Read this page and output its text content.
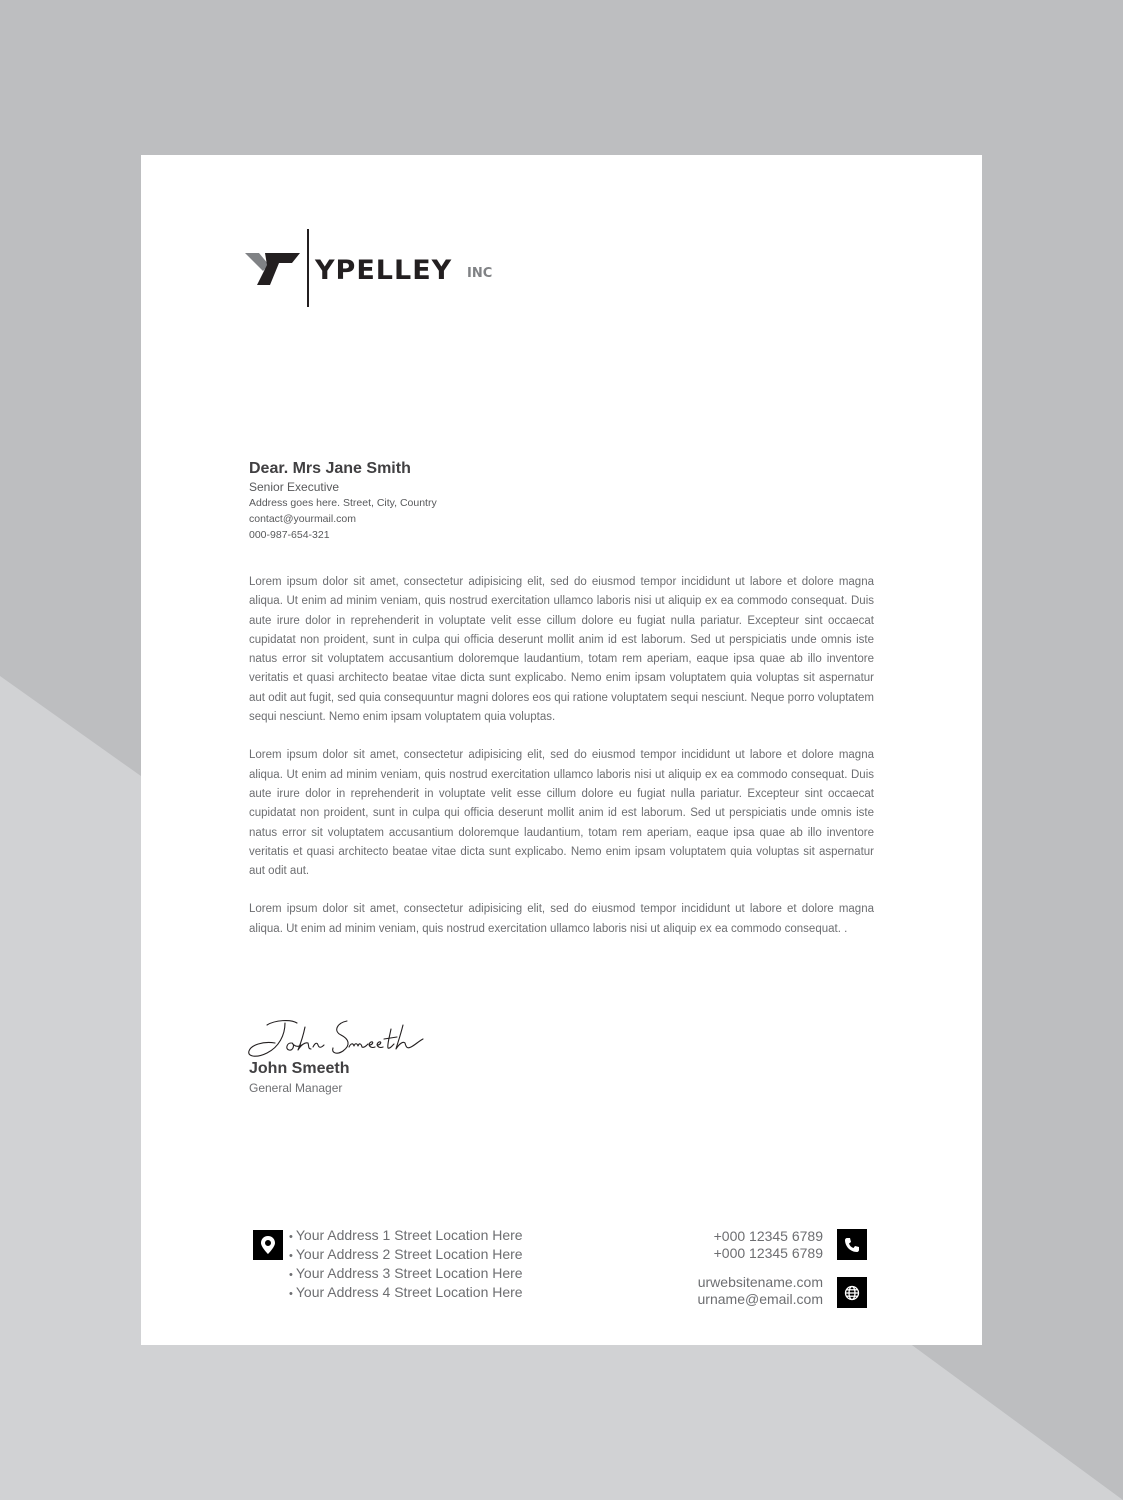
YPELLEY INC
Dear. Mrs Jane Smith
Senior Executive
Address goes here. Street, City, Country
contact@yourmail.com
000-987-654-321

Lorem ipsum dolor sit amet, consectetur adipisicing elit, sed do eiusmod tempor incididunt ut labore et dolore magna aliqua. Ut enim ad minim veniam, quis nostrud exercitation ullamco laboris nisi ut aliquip ex ea commodo consequat. Duis aute irure dolor in reprehenderit in voluptate velit esse cillum dolore eu fugiat nulla pariatur. Excepteur sint occaecat cupidatat non proident, sunt in culpa qui officia deserunt mollit anim id est laborum. Sed ut perspiciatis unde omnis iste natus error sit voluptatem accusantium doloremque laudantium, totam rem aperiam, eaque ipsa quae ab illo inventore veritatis et quasi architecto beatae vitae dicta sunt explicabo. Nemo enim ipsam voluptatem quia voluptas sit aspernatur aut odit aut fugit, sed quia consequuntur magni dolores eos qui ratione voluptatem sequi nesciunt. Neque porro voluptatem sequi nesciunt. Nemo enim ipsam voluptatem quia voluptas.

Lorem ipsum dolor sit amet, consectetur adipisicing elit, sed do eiusmod tempor incididunt ut labore et dolore magna aliqua. Ut enim ad minim veniam, quis nostrud exercitation ullamco laboris nisi ut aliquip ex ea commodo consequat. Duis aute irure dolor in reprehenderit in voluptate velit esse cillum dolore eu fugiat nulla pariatur. Excepteur sint occaecat cupidatat non proident, sunt in culpa qui officia deserunt mollit anim id est laborum. Sed ut perspiciatis unde omnis iste natus error sit voluptatem accusantium doloremque laudantium, totam rem aperiam, eaque ipsa quae ab illo inventore veritatis et quasi architecto beatae vitae dicta sunt explicabo. Nemo enim ipsam voluptatem quia voluptas sit aspernatur aut odit aut.

Lorem ipsum dolor sit amet, consectetur adipisicing elit, sed do eiusmod tempor incididunt ut labore et dolore magna aliqua. Ut enim ad minim veniam, quis nostrud exercitation ullamco laboris nisi ut aliquip ex ea commodo consequat. .

John Smeeth
General Manager
• Your Address 1 Street Location Here
• Your Address 2 Street Location Here
• Your Address 3 Street Location Here
• Your Address 4 Street Location Here
+000 12345 6789
+000 12345 6789
urwebsitename.com
urname@email.com
